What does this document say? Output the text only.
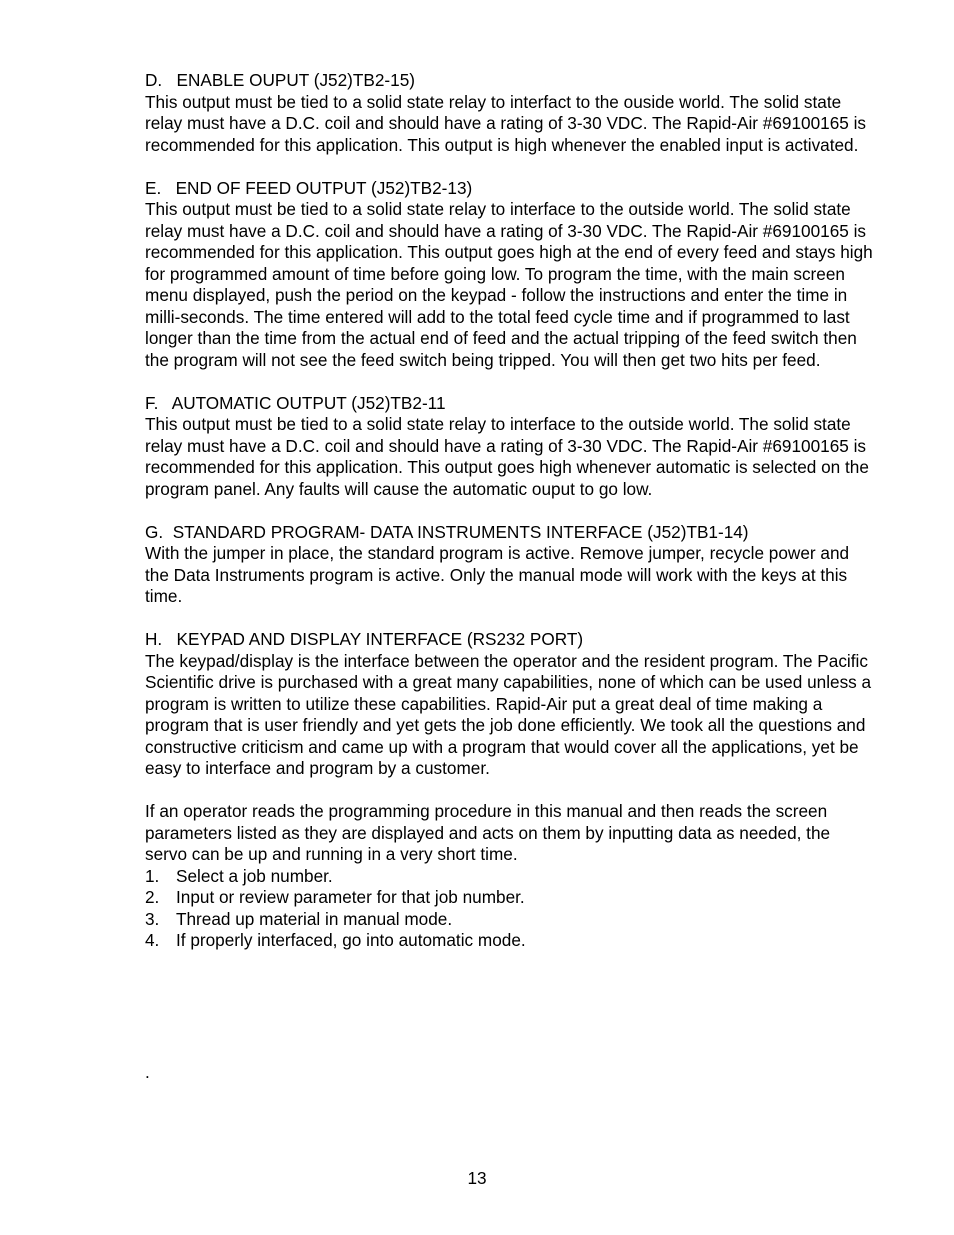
D.   ENABLE OUPUT (J52)TB2-15)
This output must be tied to a solid state relay to interfact to the ouside world. The solid state relay must have a D.C. coil and should have a rating of 3-30 VDC. The Rapid-Air #69100165 is recommended for this application. This output is high whenever the enabled input is activated.
E.   END OF FEED OUTPUT (J52)TB2-13)
This output must be tied to a solid state relay to interface to the outside world. The solid state relay must have a D.C. coil and should have a rating of 3-30 VDC. The Rapid-Air #69100165 is recommended for this application. This output goes high at the end of every feed and stays high for programmed amount of time before going low. To program the time, with the main screen menu displayed, push the period on the keypad - follow the instructions and enter the time in milli-seconds. The time entered will add to the total feed cycle time and if programmed to last longer than the time from the actual end of feed and the actual tripping of the feed switch then the program will not see the feed switch being tripped. You will then get two hits per feed.
F.   AUTOMATIC OUTPUT (J52)TB2-11
This output must be tied to a solid state relay to interface to the outside world. The solid state relay must have a D.C. coil and should have a rating of 3-30 VDC. The Rapid-Air #69100165 is recommended for this application. This output goes high whenever automatic is selected on the program panel. Any faults will cause the automatic ouput to go low.
G.  STANDARD PROGRAM- DATA INSTRUMENTS INTERFACE (J52)TB1-14)
With the jumper in place, the standard program is active. Remove jumper, recycle power and the Data Instruments program is active. Only the manual mode will work with the keys at this time.
H.   KEYPAD AND DISPLAY INTERFACE (RS232 PORT)
The keypad/display is the interface between the operator and the resident program. The Pacific Scientific drive is purchased with a great many capabilities, none of which can be used unless a program is written to utilize these capabilities. Rapid-Air put a great deal of time making a program that is user friendly and yet gets the job done efficiently. We took all the questions and constructive criticism and came up with a program that would cover all the applications, yet be easy to interface and program by a customer.
If an operator reads the programming procedure in this manual and then reads the screen parameters listed as they are displayed and acts on them by inputting data as needed, the servo can be up and running in a very short time.
1. Select a job number.
2. Input or review parameter for that job number.
3. Thread up material in manual mode.
4. If properly interfaced, go into automatic mode.
.
13
